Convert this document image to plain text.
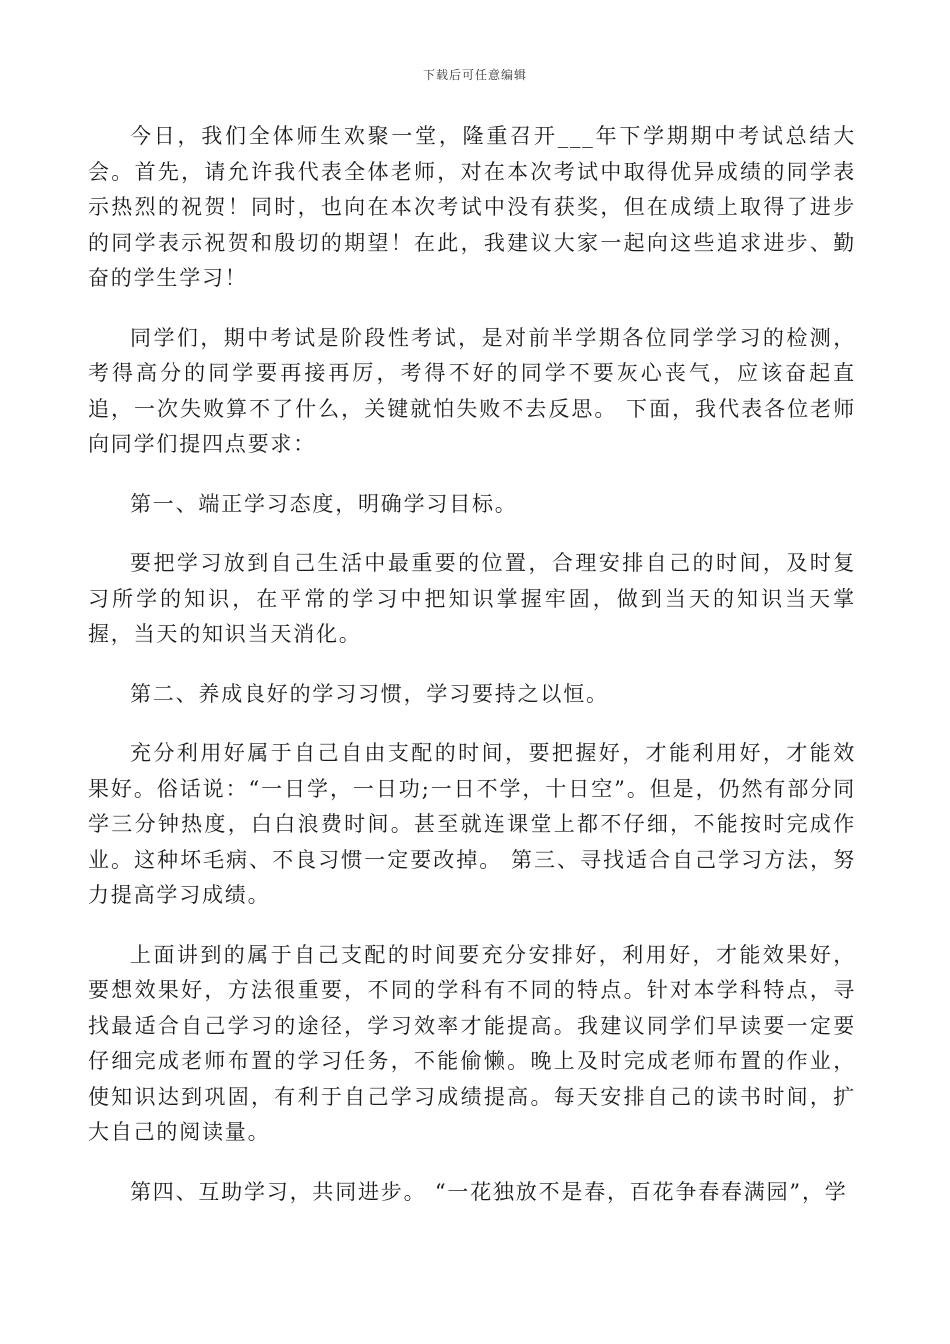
下载后可任意编辑

今日，我们全体师生欢聚一堂，隆重召开___年下学期期中考试总结大会。首先，请允许我代表全体老师，对在本次考试中取得优异成绩的同学表示热烈的祝贺！同时，也向在本次考试中没有获奖，但在成绩上取得了进步的同学表示祝贺和殷切的期望！在此，我建议大家一起向这些追求进步、勤奋的学生学习！

同学们，期中考试是阶段性考试，是对前半学期各位同学学习的检测，考得高分的同学要再接再厉，考得不好的同学不要灰心丧气，应该奋起直追，一次失败算不了什么，关键就怕失败不去反思。 下面，我代表各位老师向同学们提四点要求：

第一、端正学习态度，明确学习目标。

要把学习放到自己生活中最重要的位置，合理安排自己的时间，及时复习所学的知识，在平常的学习中把知识掌握牢固，做到当天的知识当天掌握，当天的知识当天消化。

第二、养成良好的学习习惯，学习要持之以恒。

充分利用好属于自己自由支配的时间，要把握好，才能利用好，才能效果好。俗话说：“一日学，一日功;一日不学，十日空”。但是，仍然有部分同学三分钟热度，白白浪费时间。甚至就连课堂上都不仔细，不能按时完成作业。这种坏毛病、不良习惯一定要改掉。 第三、寻找适合自己学习方法，努力提高学习成绩。

上面讲到的属于自己支配的时间要充分安排好，利用好，才能效果好，要想效果好，方法很重要，不同的学科有不同的特点。针对本学科特点，寻找最适合自己学习的途径，学习效率才能提高。我建议同学们早读要一定要仔细完成老师布置的学习任务，不能偷懒。晚上及时完成老师布置的作业，使知识达到巩固，有利于自己学习成绩提高。每天安排自己的读书时间，扩大自己的阅读量。

第四、互助学习，共同进步。 “一花独放不是春，百花争春春满园”，学
